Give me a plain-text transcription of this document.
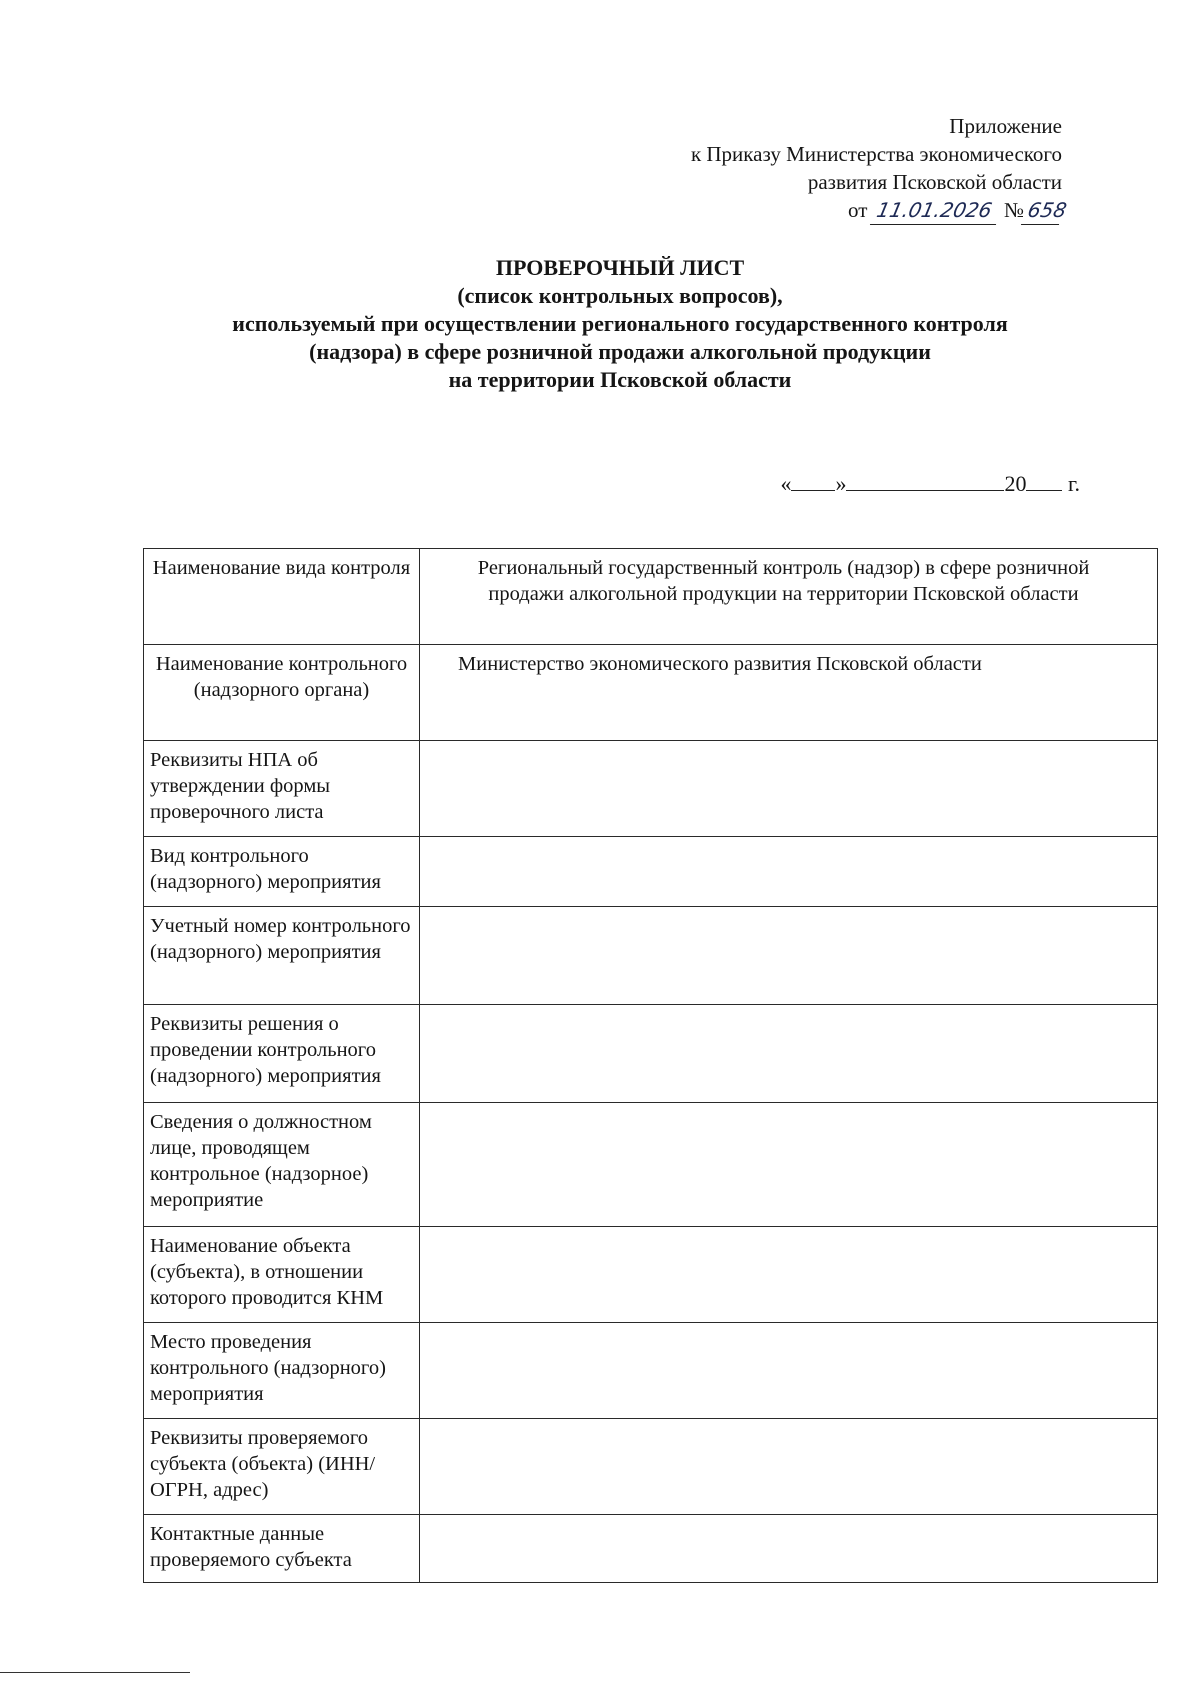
Приложение
к Приказу Министерства экономического
развития Псковской области
от 11.01.2026 №658
ПРОВЕРОЧНЫЙ ЛИСТ
(список контрольных вопросов),
используемый при осуществлении регионального государственного контроля
(надзора) в сфере розничной продажи алкогольной продукции
на территории Псковской области
« »	20 г.
Наименование вида контроля	Региональный государственный контроль (надзор) в сфере розничной продажи алкогольной продукции на территории Псковской области
Наименование контрольного (надзорного органа)	Министерство экономического развития Псковской области
Реквизиты НПА об утверждении формы проверочного листа	
Вид контрольного (надзорного) мероприятия	
Учетный номер контрольного (надзорного) мероприятия	
Реквизиты решения о проведении контрольного (надзорного) мероприятия	
Сведения о должностном лице, проводящем контрольное (надзорное) мероприятие	
Наименование объекта (субъекта), в отношении которого проводится КНМ	
Место проведения контрольного (надзорного) мероприятия	
Реквизиты проверяемого субъекта (объекта) (ИНН/ОГРН, адрес)	
Контактные данные проверяемого субъекта	
